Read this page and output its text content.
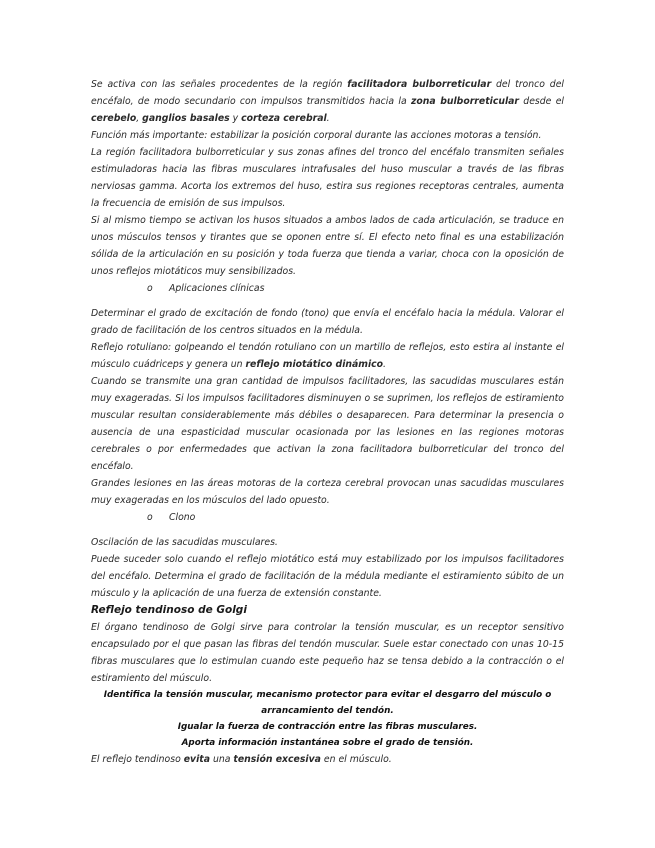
Se activa con las señales procedentes de la región facilitadora bulborreticular del tronco del encéfalo, de modo secundario con impulsos transmitidos hacia la zona bulborreticular desde el cerebelo, ganglios basales y corteza cerebral.

Función más importante: estabilizar la posición corporal durante las acciones motoras a tensión.

La región facilitadora bulborreticular y sus zonas afines del tronco del encéfalo transmiten señales estimuladoras hacia las fibras musculares intrafusales del huso muscular a través de las fibras nerviosas gamma. Acorta los extremos del huso, estira sus regiones receptoras centrales, aumenta la frecuencia de emisión de sus impulsos.

Si al mismo tiempo se activan los husos situados a ambos lados de cada articulación, se traduce en unos músculos tensos y tirantes que se oponen entre sí. El efecto neto final es una estabilización sólida de la articulación en su posición y toda fuerza que tienda a variar, choca con la oposición de unos reflejos miotáticos muy sensibilizados.

o Aplicaciones clínicas

Determinar el grado de excitación de fondo (tono) que envía el encéfalo hacia la médula. Valorar el grado de facilitación de los centros situados en la médula.

Reflejo rotuliano: golpeando el tendón rotuliano con un martillo de reflejos, esto estira al instante el músculo cuádriceps y genera un reflejo miotático dinámico.

Cuando se transmite una gran cantidad de impulsos facilitadores, las sacudidas musculares están muy exageradas. Si los impulsos facilitadores disminuyen o se suprimen, los reflejos de estiramiento muscular resultan considerablemente más débiles o desaparecen. Para determinar la presencia o ausencia de una espasticidad muscular ocasionada por las lesiones en las regiones motoras cerebrales o por enfermedades que activan la zona facilitadora bulborreticular del tronco del encéfalo.

Grandes lesiones en las áreas motoras de la corteza cerebral provocan unas sacudidas musculares muy exageradas en los músculos del lado opuesto.

o Clono

Oscilación de las sacudidas musculares.

Puede suceder solo cuando el reflejo miotático está muy estabilizado por los impulsos facilitadores del encéfalo. Determina el grado de facilitación de la médula mediante el estiramiento súbito de un músculo y la aplicación de una fuerza de extensión constante.

Reflejo tendinoso de Golgi

El órgano tendinoso de Golgi sirve para controlar la tensión muscular, es un receptor sensitivo encapsulado por el que pasan las fibras del tendón muscular. Suele estar conectado con unas 10-15 fibras musculares que lo estimulan cuando este pequeño haz se tensa debido a la contracción o el estiramiento del músculo.

Identifica la tensión muscular, mecanismo protector para evitar el desgarro del músculo o arrancamiento del tendón.

Igualar la fuerza de contracción entre las fibras musculares.

Aporta información instantánea sobre el grado de tensión.

El reflejo tendinoso evita una tensión excesiva en el músculo.
